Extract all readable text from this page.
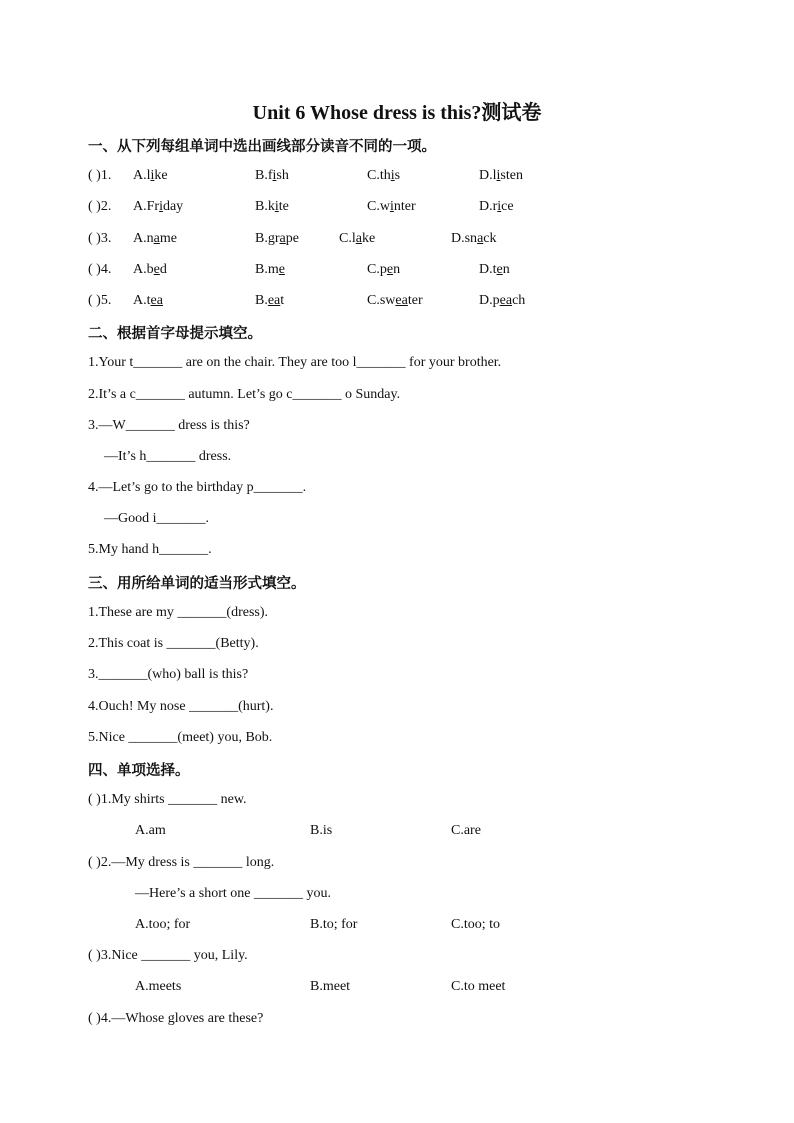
Unit 6 Whose dress is this?测试卷
一、从下列每组单词中选出画线部分读音不同的一项。
( )1. A.like	B.fish	C.this	D.listen
( )2. A.Friday	B.kite	C.winter	D.rice
( )3. A.name	B.grape	C.lake	D.snack
( )4. A.bed	B.me	C.pen	D.ten
( )5. A.tea	B.eat	C.sweater	D.peach
二、根据首字母提示填空。
1.Your t_______ are on the chair. They are too l_______ for your brother.
2.It’s a c_______ autumn. Let’s go c_______ o Sunday.
3.—W_______ dress is this?
—It’s h_______ dress.
4.—Let’s go to the birthday p_______.
—Good i_______.
5.My hand h_______.
三、用所给单词的适当形式填空。
1.These are my _______(dress).
2.This coat is _______(Betty).
3._______(who) ball is this?
4.Ouch! My nose _______(hurt).
5.Nice _______(meet) you, Bob.
四、单项选择。
( )1.My shirts _______ new.
A.am	B.is	C.are
( )2.—My dress is _______ long.
—Here’s a short one _______ you.
A.too; for	B.to; for	C.too; to
( )3.Nice _______ you, Lily.
A.meets	B.meet	C.to meet
( )4.—Whose gloves are these?
